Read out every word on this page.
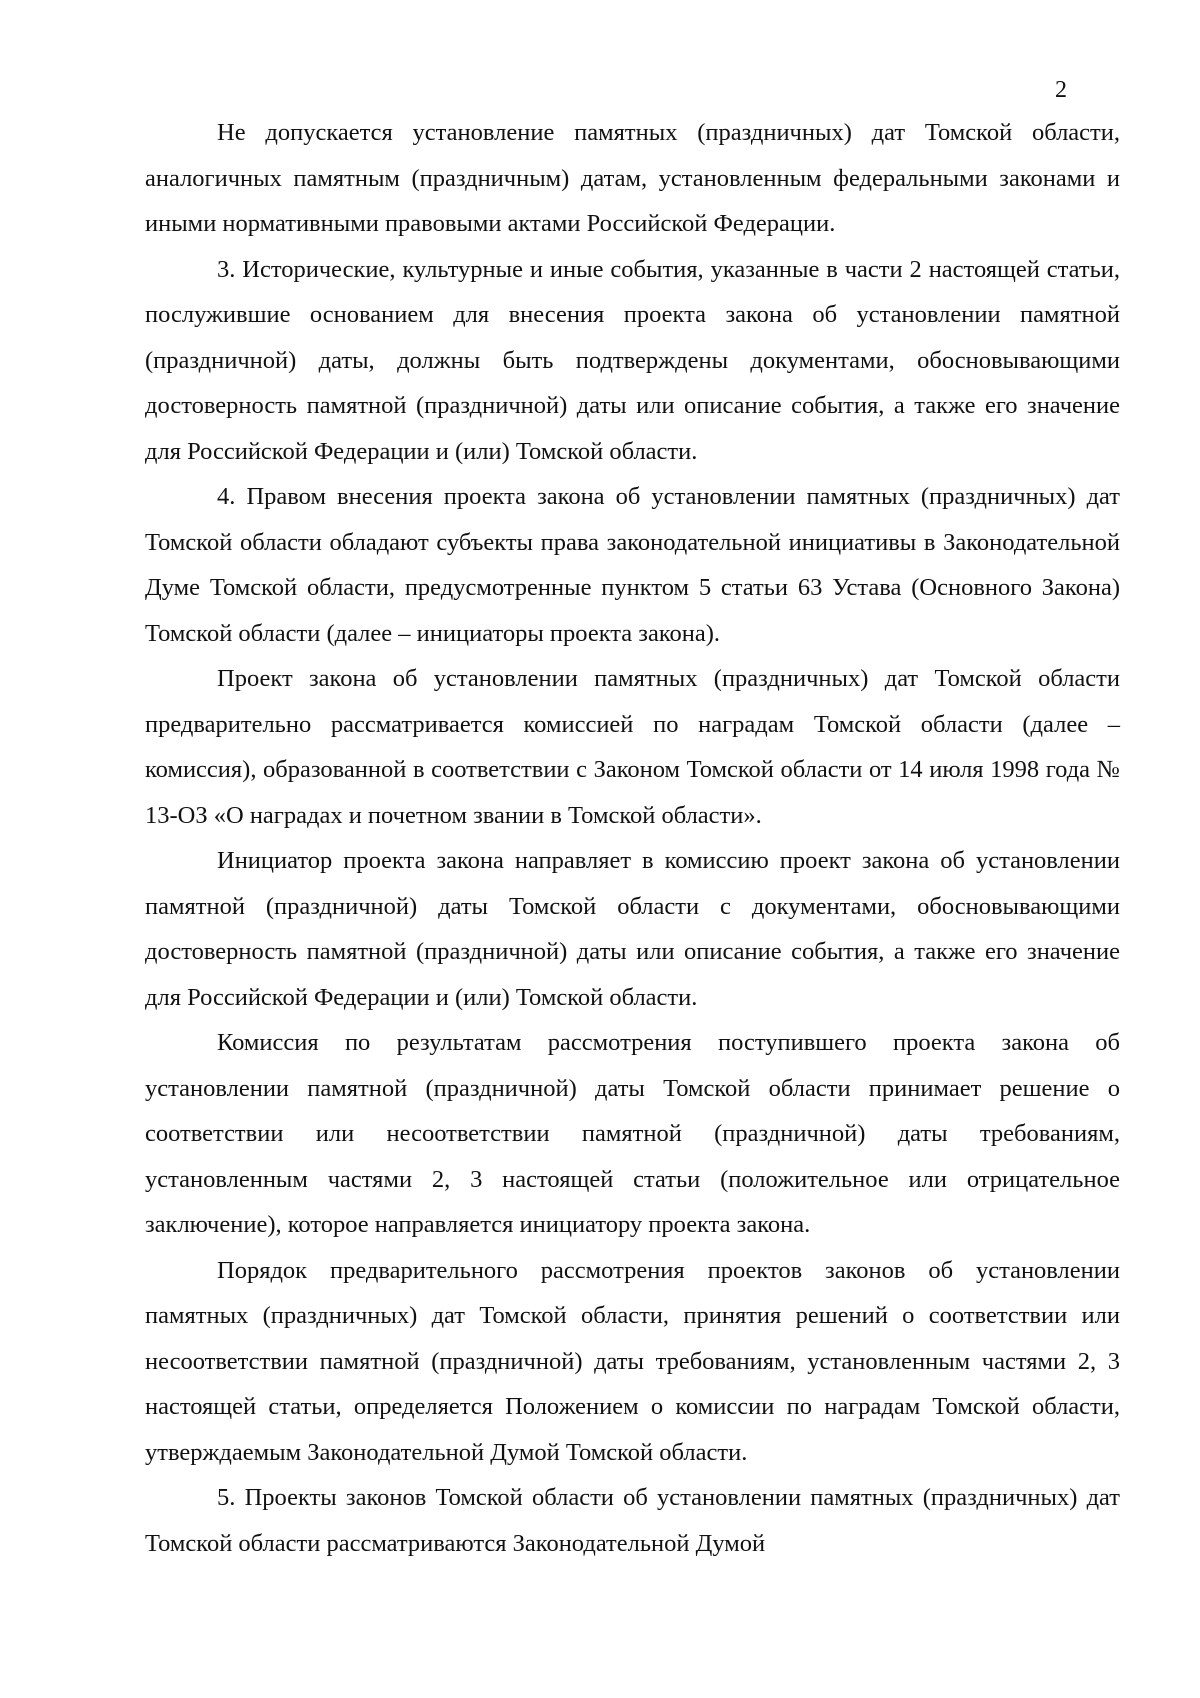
2

Не допускается установление памятных (праздничных) дат Томской области, аналогичных памятным (праздничным) датам, установленным федеральными законами и иными нормативными правовыми актами Российской Федерации.

3. Исторические, культурные и иные события, указанные в части 2 настоящей статьи, послужившие основанием для внесения проекта закона об установлении памятной (праздничной) даты, должны быть подтверждены документами, обосновывающими достоверность памятной (праздничной) даты или описание события, а также его значение для Российской Федерации и (или) Томской области.

4. Правом внесения проекта закона об установлении памятных (праздничных) дат Томской области обладают субъекты права законодательной инициативы в Законодательной Думе Томской области, предусмотренные пунктом 5 статьи 63 Устава (Основного Закона) Томской области (далее – инициаторы проекта закона).

Проект закона об установлении памятных (праздничных) дат Томской области предварительно рассматривается комиссией по наградам Томской области (далее – комиссия), образованной в соответствии с Законом Томской области от 14 июля 1998 года № 13-ОЗ «О наградах и почетном звании в Томской области».

Инициатор проекта закона направляет в комиссию проект закона об установлении памятной (праздничной) даты Томской области с документами, обосновывающими достоверность памятной (праздничной) даты или описание события, а также его значение для Российской Федерации и (или) Томской области.

Комиссия по результатам рассмотрения поступившего проекта закона об установлении памятной (праздничной) даты Томской области принимает решение о соответствии или несоответствии памятной (праздничной) даты требованиям, установленным частями 2, 3 настоящей статьи (положительное или отрицательное заключение), которое направляется инициатору проекта закона.

Порядок предварительного рассмотрения проектов законов об установлении памятных (праздничных) дат Томской области, принятия решений о соответствии или несоответствии памятной (праздничной) даты требованиям, установленным частями 2, 3 настоящей статьи, определяется Положением о комиссии по наградам Томской области, утверждаемым Законодательной Думой Томской области.

5. Проекты законов Томской области об установлении памятных (праздничных) дат Томской области рассматриваются Законодательной Думой
